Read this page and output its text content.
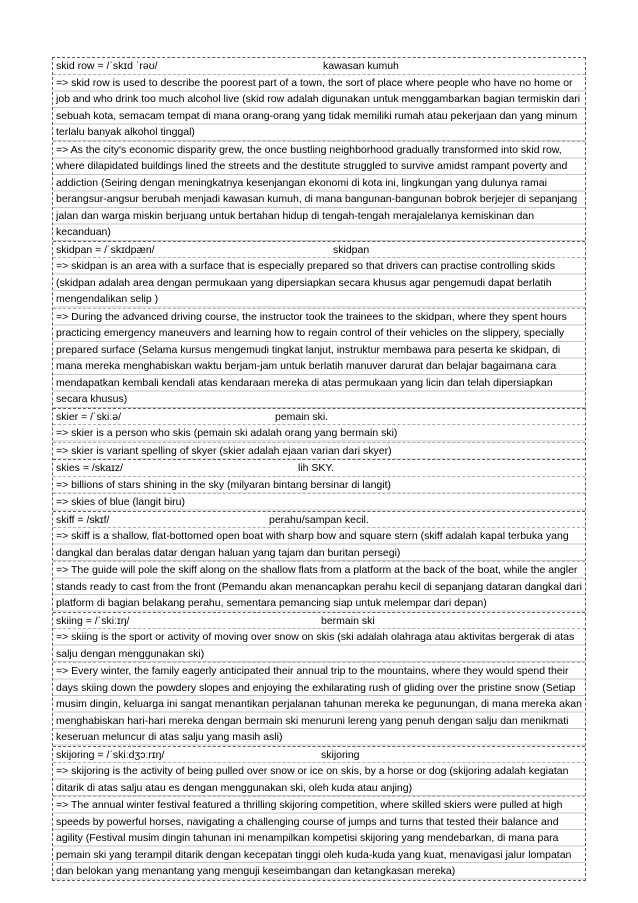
skid row = /ˈskɪd ˈrəʊ/	kawasan kumuh
=> skid row is used to describe the poorest part of a town, the sort of place where people who have no home or job and who drink too much alcohol live (skid row adalah digunakan untuk menggambarkan bagian termiskin dari sebuah kota, semacam tempat di mana orang-orang yang tidak memiliki rumah atau pekerjaan dan yang minum terlalu banyak alkohol tinggal)
=> As the city's economic disparity grew, the once bustling neighborhood gradually transformed into skid row, where dilapidated buildings lined the streets and the destitute struggled to survive amidst rampant poverty and addiction (Seiring dengan meningkatnya kesenjangan ekonomi di kota ini, lingkungan yang dulunya ramai berangsur-angsur berubah menjadi kawasan kumuh, di mana bangunan-bangunan bobrok berjejer di sepanjang jalan dan warga miskin berjuang untuk bertahan hidup di tengah-tengah merajalelanya kemiskinan dan kecanduan)
skidpan = /ˈskɪdpæn/	skidpan
=> skidpan is an area with a surface that is especially prepared so that drivers can practise controlling skids (skidpan adalah area dengan permukaan yang dipersiapkan secara khusus agar pengemudi dapat berlatih mengendalikan selip )
=> During the advanced driving course, the instructor took the trainees to the skidpan, where they spent hours practicing emergency maneuvers and learning how to regain control of their vehicles on the slippery, specially prepared surface (Selama kursus mengemudi tingkat lanjut, instruktur membawa para peserta ke skidpan, di mana mereka menghabiskan waktu berjam-jam untuk berlatih manuver darurat dan belajar bagaimana cara mendapatkan kembali kendali atas kendaraan mereka di atas permukaan yang licin dan telah dipersiapkan secara khusus)
skier = /ˈskiːə/	pemain ski.
=> skier is a person who skis (pemain ski adalah orang yang bermain ski)
=> skier is variant spelling of skyer (skier adalah ejaan varian dari skyer)
skies = /skaɪz/	lih SKY.
=> billions of stars shining in the sky (milyaran bintang bersinar di langit)
=> skies of blue (langit biru)
skiff = /skɪf/	perahu/sampan kecil.
=> skiff is a shallow, flat-bottomed open boat with sharp bow and square stern (skiff adalah kapal terbuka yang dangkal dan beralas datar dengan haluan yang tajam dan buritan persegi)
=> The guide will pole the skiff along on the shallow flats from a platform at the back of the boat, while the angler stands ready to cast from the front (Pemandu akan menancapkan perahu kecil di sepanjang dataran dangkal dari platform di bagian belakang perahu, sementara pemancing siap untuk melempar dari depan)
skiing = /ˈskiːɪŋ/	bermain ski
=> skiing is the sport or activity of moving over snow on skis (ski adalah olahraga atau aktivitas bergerak di atas salju dengan menggunakan ski)
=> Every winter, the family eagerly anticipated their annual trip to the mountains, where they would spend their days skiing down the powdery slopes and enjoying the exhilarating rush of gliding over the pristine snow (Setiap musim dingin, keluarga ini sangat menantikan perjalanan tahunan mereka ke pegunungan, di mana mereka akan menghabiskan hari-hari mereka dengan bermain ski menuruni lereng yang penuh dengan salju dan menikmati keseruan meluncur di atas salju yang masih asli)
skijoring = /ˈskiːdʒɔːrɪŋ/	skijoring
=> skijoring is the activity of being pulled over snow or ice on skis, by a horse or dog (skijoring adalah kegiatan ditarik di atas salju atau es dengan menggunakan ski, oleh kuda atau anjing)
=> The annual winter festival featured a thrilling skijoring competition, where skilled skiers were pulled at high speeds by powerful horses, navigating a challenging course of jumps and turns that tested their balance and agility (Festival musim dingin tahunan ini menampilkan kompetisi skijoring yang mendebarkan, di mana para pemain ski yang terampil ditarik dengan kecepatan tinggi oleh kuda-kuda yang kuat, menavigasi jalur lompatan dan belokan yang menantang yang menguji keseimbangan dan ketangkasan mereka)
